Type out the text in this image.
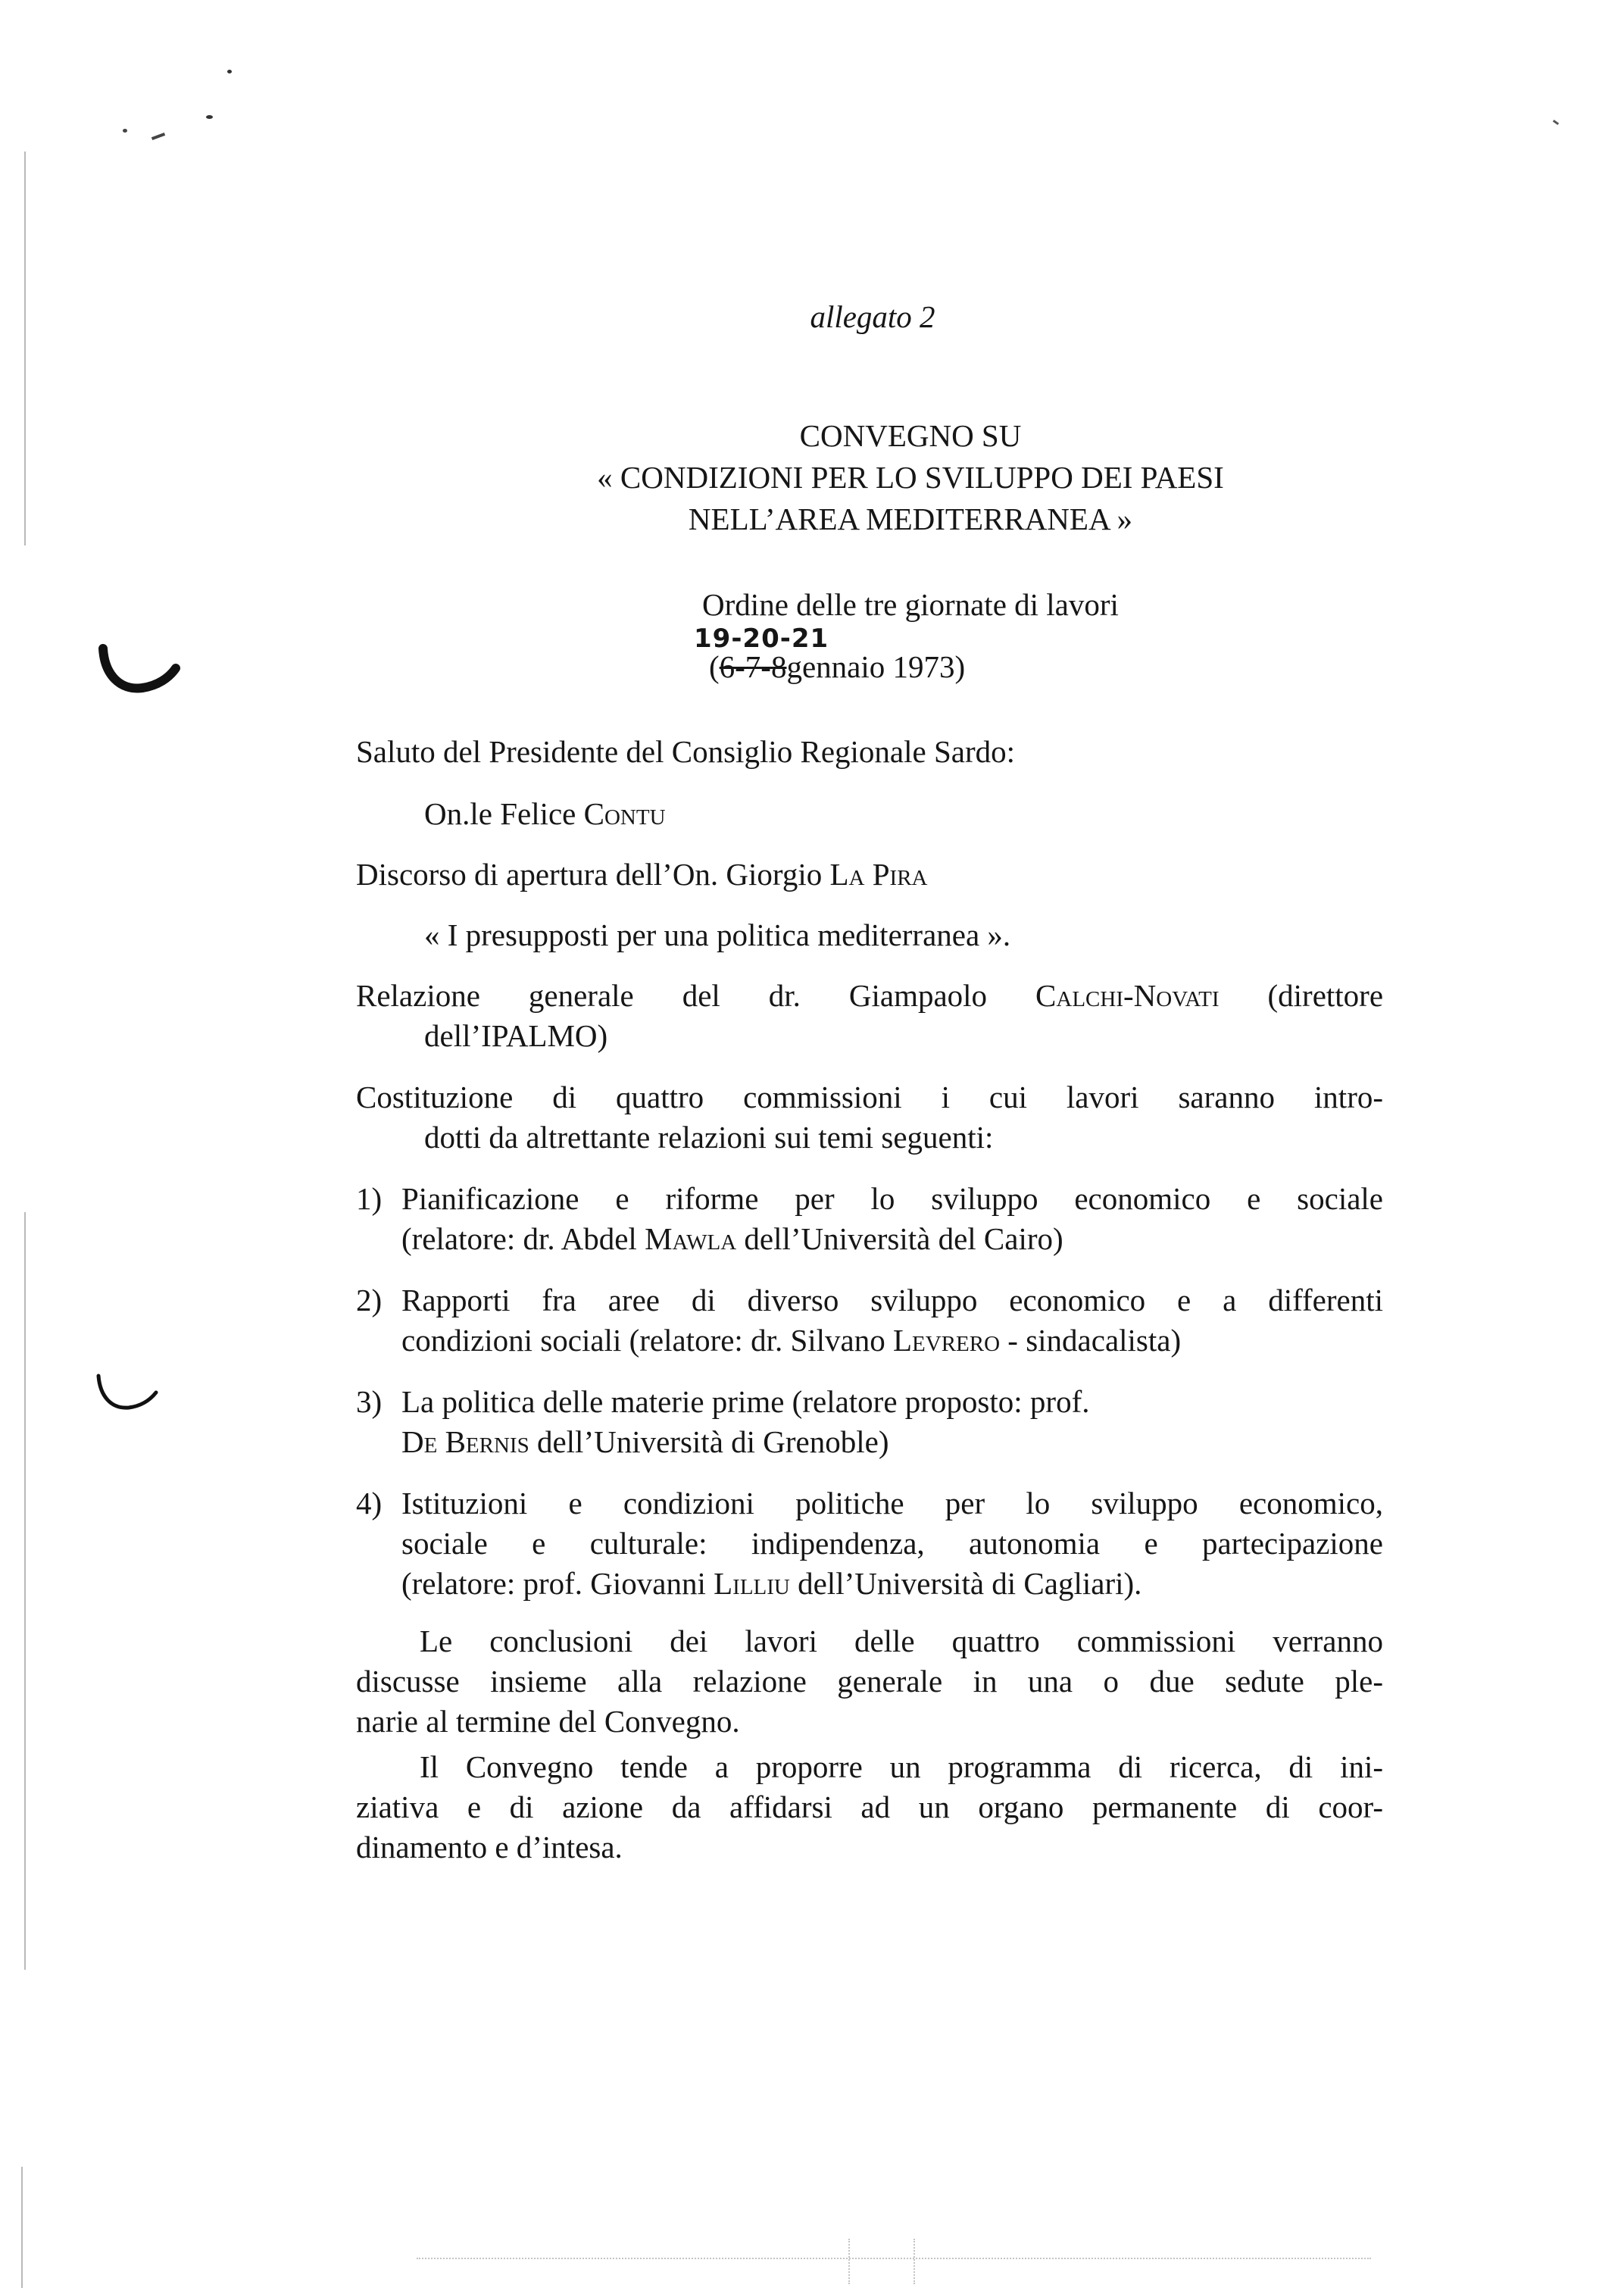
allegato 2
CONVEGNO SU
« CONDIZIONI PER LO SVILUPPO DEI PAESI
NELL’AREA MEDITERRANEA »
Ordine delle tre giornate di lavori
19-20-21
(6-7-8gennaio 1973)
Saluto del Presidente del Consiglio Regionale Sardo:
On.le Felice Contu
Discorso di apertura dell’On. Giorgio La Pira
« I presupposti per una politica mediterranea ».
Relazione generale del dr. Giampaolo Calchi-Novati (direttore
dell’IPALMO)
Costituzione di quattro commissioni i cui lavori saranno intro-
dotti da altrettante relazioni sui temi seguenti:
1) Pianificazione e riforme per lo sviluppo economico e sociale
(relatore: dr. Abdel Mawla dell’Università del Cairo)
2) Rapporti fra aree di diverso sviluppo economico e a differenti
condizioni sociali (relatore: dr. Silvano Levrero - sindacalista)
3) La politica delle materie prime (relatore proposto: prof.
De Bernis dell’Università di Grenoble)
4) Istituzioni e condizioni politiche per lo sviluppo economico,
sociale e culturale: indipendenza, autonomia e partecipazione
(relatore: prof. Giovanni Lilliu dell’Università di Cagliari).
Le conclusioni dei lavori delle quattro commissioni verranno
discusse insieme alla relazione generale in una o due sedute ple-
narie al termine del Convegno.
Il Convegno tende a proporre un programma di ricerca, di ini-
ziativa e di azione da affidarsi ad un organo permanente di coor-
dinamento e d’intesa.
